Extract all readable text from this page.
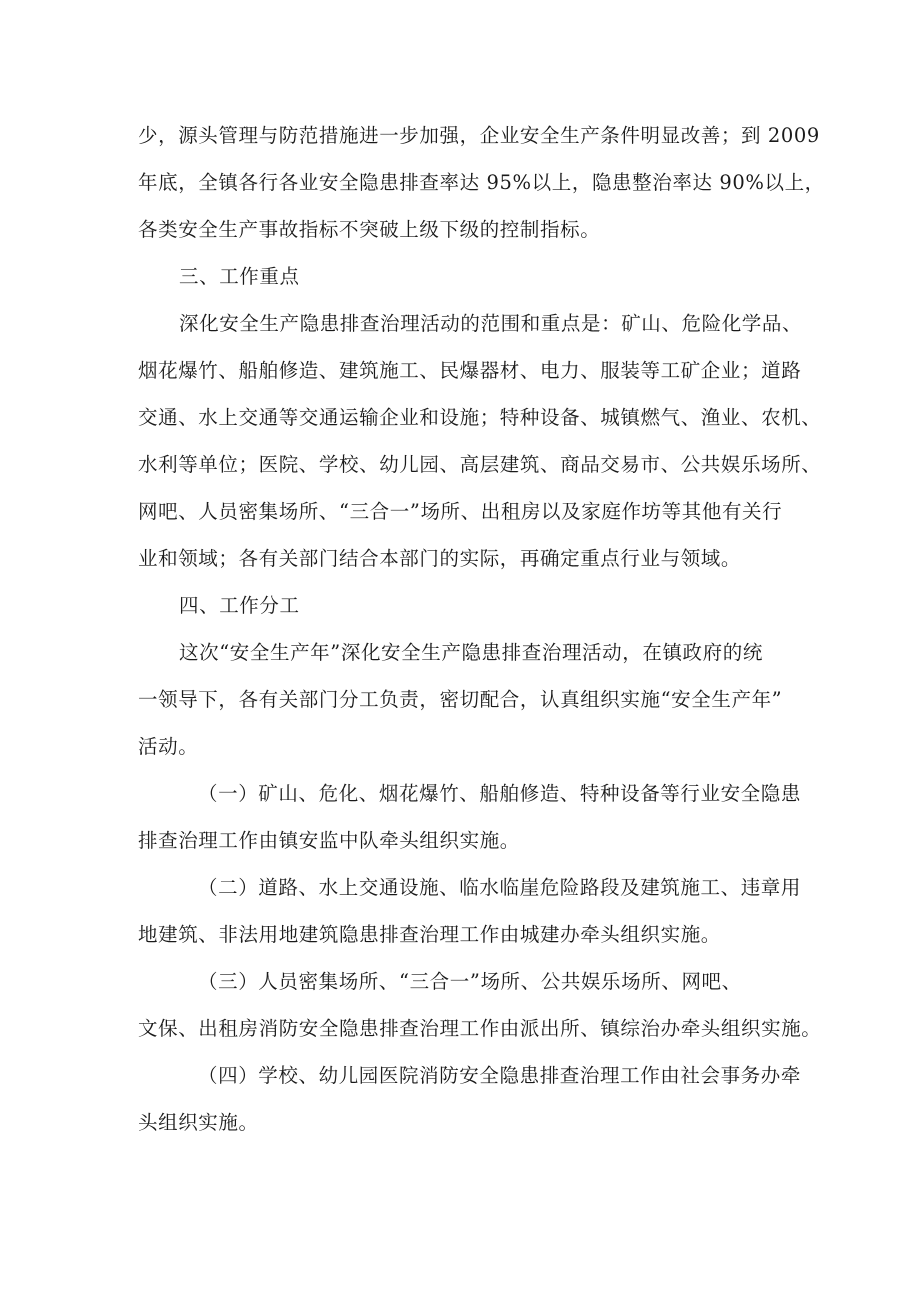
少，源头管理与防范措施进一步加强，企业安全生产条件明显改善；到 2009
年底，全镇各行各业安全隐患排查率达 95%以上，隐患整治率达 90%以上，
各类安全生产事故指标不突破上级下级的控制指标。
三、工作重点
深化安全生产隐患排查治理活动的范围和重点是：矿山、危险化学品、
烟花爆竹、船舶修造、建筑施工、民爆器材、电力、服装等工矿企业；道路
交通、水上交通等交通运输企业和设施；特种设备、城镇燃气、渔业、农机、
水利等单位；医院、学校、幼儿园、高层建筑、商品交易市、公共娱乐场所、
网吧、人员密集场所、“三合一”场所、出租房以及家庭作坊等其他有关行
业和领域；各有关部门结合本部门的实际，再确定重点行业与领域。
四、工作分工
这次“安全生产年”深化安全生产隐患排查治理活动，在镇政府的统
一领导下，各有关部门分工负责，密切配合，认真组织实施“安全生产年”
活动。
（一）矿山、危化、烟花爆竹、船舶修造、特种设备等行业安全隐患
排查治理工作由镇安监中队牵头组织实施。
（二）道路、水上交通设施、临水临崖危险路段及建筑施工、违章用
地建筑、非法用地建筑隐患排查治理工作由城建办牵头组织实施。
（三）人员密集场所、“三合一”场所、公共娱乐场所、网吧、
文保、出租房消防安全隐患排查治理工作由派出所、镇综治办牵头组织实施。
（四）学校、幼儿园医院消防安全隐患排查治理工作由社会事务办牵
头组织实施。
